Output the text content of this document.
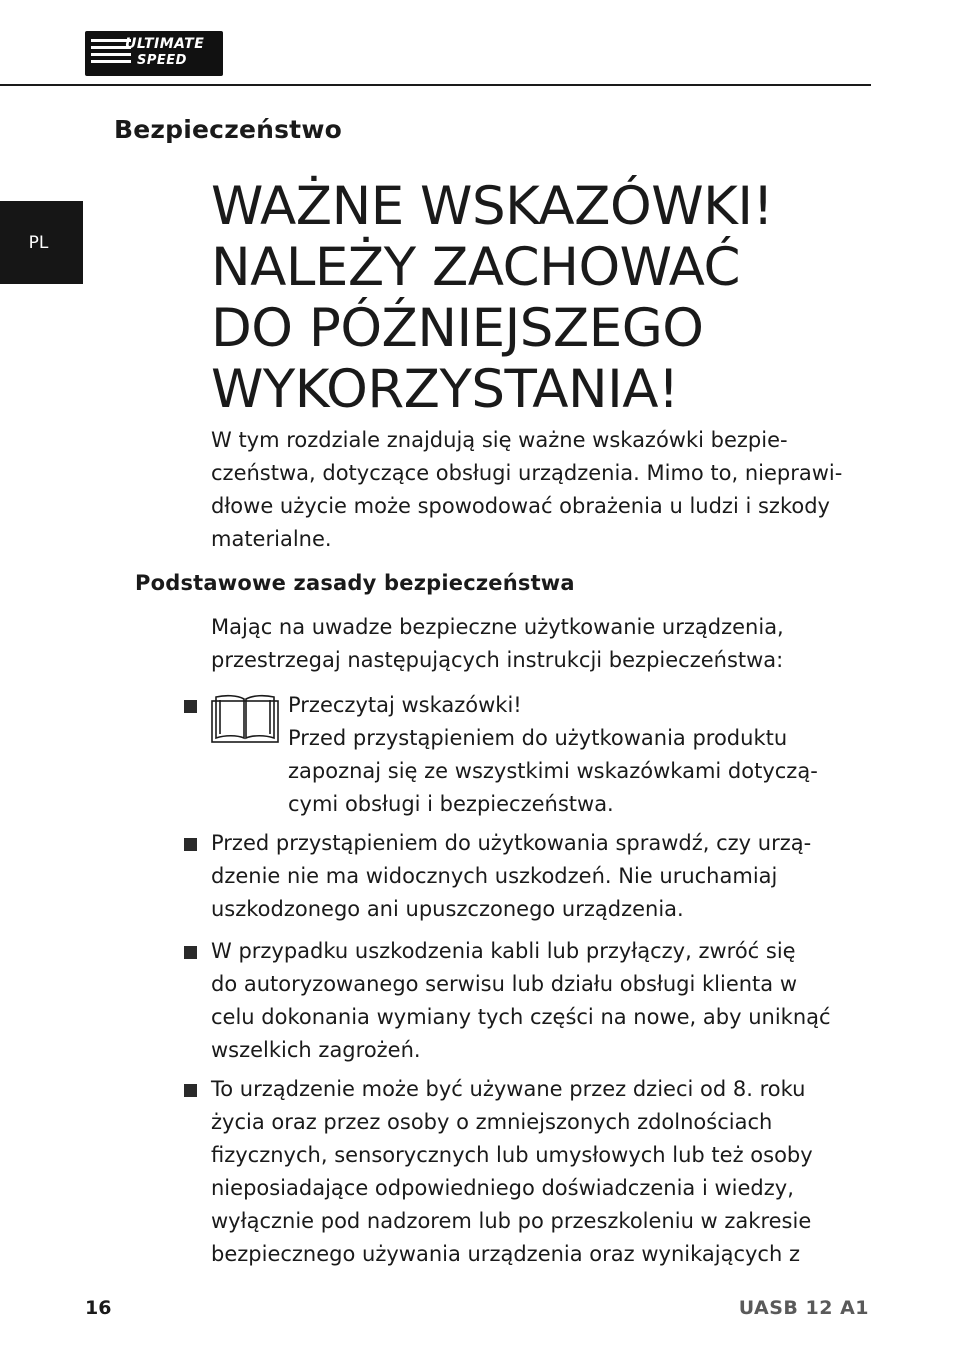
ULTIMATE
SPEED
Bezpieczeństwo
PL
WAŻNE WSKAZÓWKI!
NALEŻY ZACHOWAĆ
DO PÓŹNIEJSZEGO
WYKORZYSTANIA!

W tym rozdziale znajdują się ważne wskazówki bezpie-
czeństwa, dotyczące obsługi urządzenia. Mimo to, nieprawi-
dłowe użycie może spowodować obrażenia u ludzi i szkody
materialne.

Podstawowe zasady bezpieczeństwa

Mając na uwadze bezpieczne użytkowanie urządzenia,
przestrzegaj następujących instrukcji bezpieczeństwa:

Przeczytaj wskazówki!
Przed przystąpieniem do użytkowania produktu
zapoznaj się ze wszystkimi wskazówkami dotyczą-
cymi obsługi i bezpieczeństwa.

Przed przystąpieniem do użytkowania sprawdź, czy urzą-
dzenie nie ma widocznych uszkodzeń. Nie uruchamiaj
uszkodzonego ani upuszczonego urządzenia.

W przypadku uszkodzenia kabli lub przyłączy, zwróć się
do autoryzowanego serwisu lub działu obsługi klienta w
celu dokonania wymiany tych części na nowe, aby uniknąć
wszelkich zagrożeń.

To urządzenie może być używane przez dzieci od 8. roku
życia oraz przez osoby o zmniejszonych zdolnościach
fizycznych, sensorycznych lub umysłowych lub też osoby
nieposiadające odpowiedniego doświadczenia i wiedzy,
wyłącznie pod nadzorem lub po przeszkoleniu w zakresie
bezpiecznego używania urządzenia oraz wynikających z

16	UASB 12 A1
